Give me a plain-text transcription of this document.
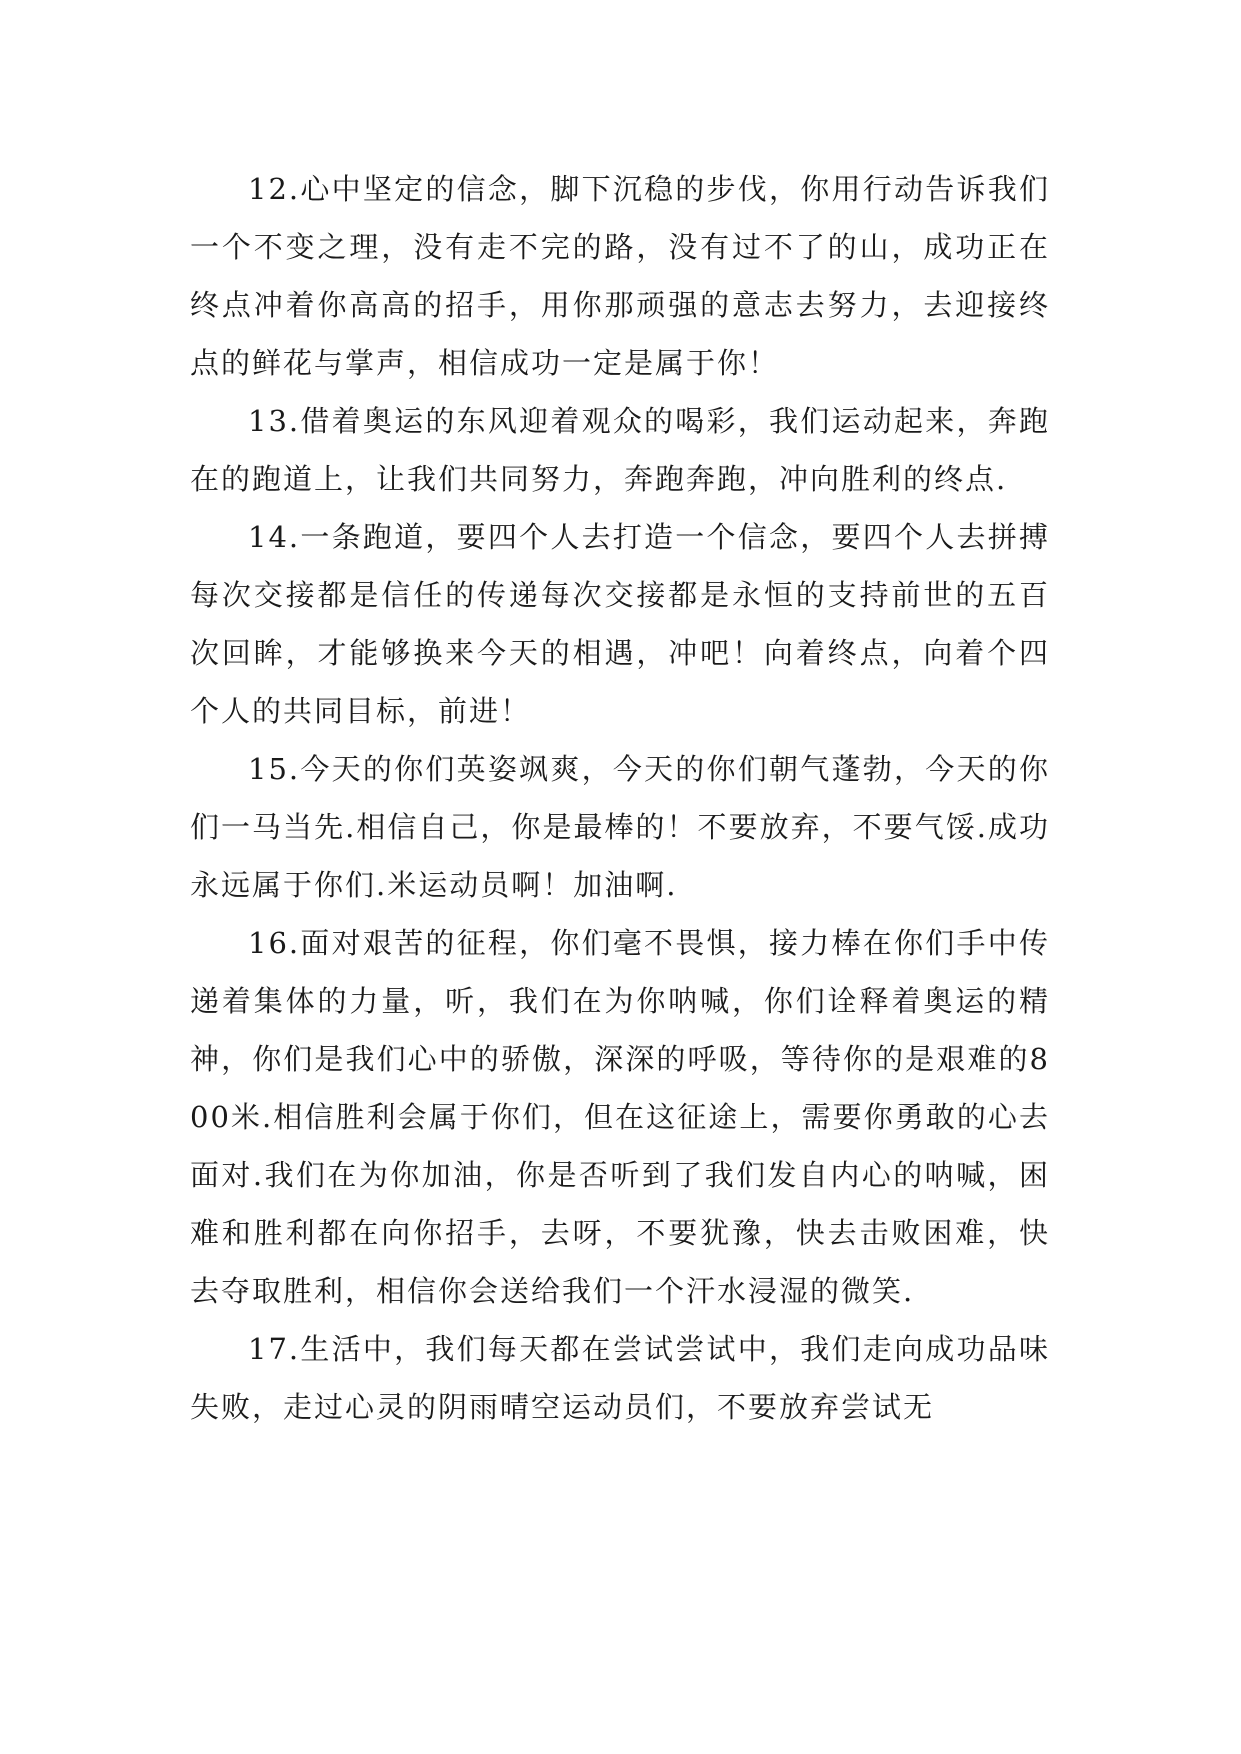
12.心中坚定的信念，脚下沉稳的步伐，你用行动告诉我们一个不变之理，没有走不完的路，没有过不了的山，成功正在终点冲着你高高的招手，用你那顽强的意志去努力，去迎接终点的鲜花与掌声，相信成功一定是属于你！

13.借着奥运的东风迎着观众的喝彩，我们运动起来，奔跑在的跑道上，让我们共同努力，奔跑奔跑，冲向胜利的终点.

14.一条跑道，要四个人去打造一个信念，要四个人去拼搏每次交接都是信任的传递每次交接都是永恒的支持前世的五百次回眸，才能够换来今天的相遇，冲吧！向着终点，向着个四个人的共同目标，前进！

15.今天的你们英姿飒爽，今天的你们朝气蓬勃，今天的你们一马当先.相信自己，你是最棒的！不要放弃，不要气馁.成功永远属于你们.米运动员啊！加油啊.

16.面对艰苦的征程，你们毫不畏惧，接力棒在你们手中传递着集体的力量，听，我们在为你呐喊，你们诠释着奥运的精神，你们是我们心中的骄傲，深深的呼吸，等待你的是艰难的800米.相信胜利会属于你们，但在这征途上，需要你勇敢的心去面对.我们在为你加油，你是否听到了我们发自内心的呐喊，困难和胜利都在向你招手，去呀，不要犹豫，快去击败困难，快去夺取胜利，相信你会送给我们一个汗水浸湿的微笑.

17.生活中，我们每天都在尝试尝试中，我们走向成功品味失败，走过心灵的阴雨晴空运动员们，不要放弃尝试无
